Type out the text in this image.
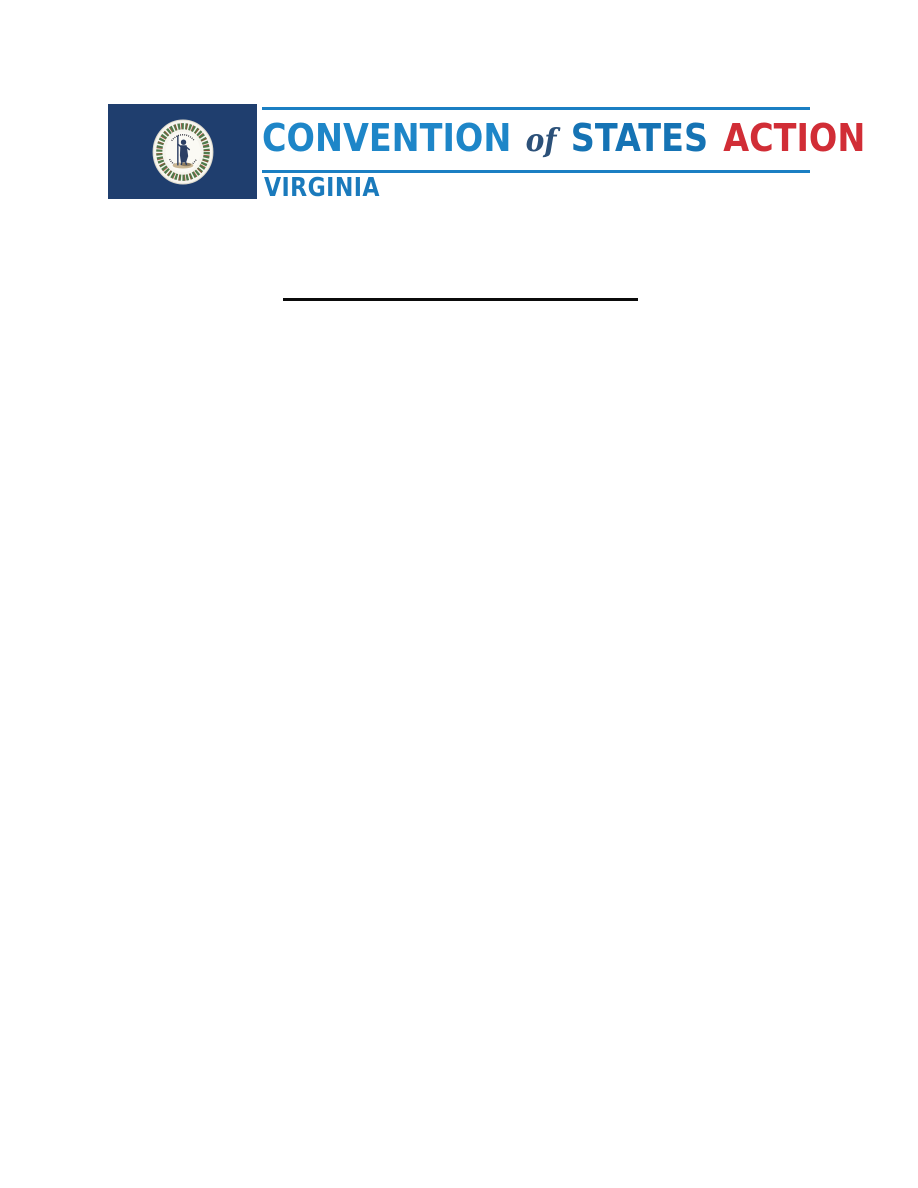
CONVENTION of STATES ACTION
VIRGINIA
